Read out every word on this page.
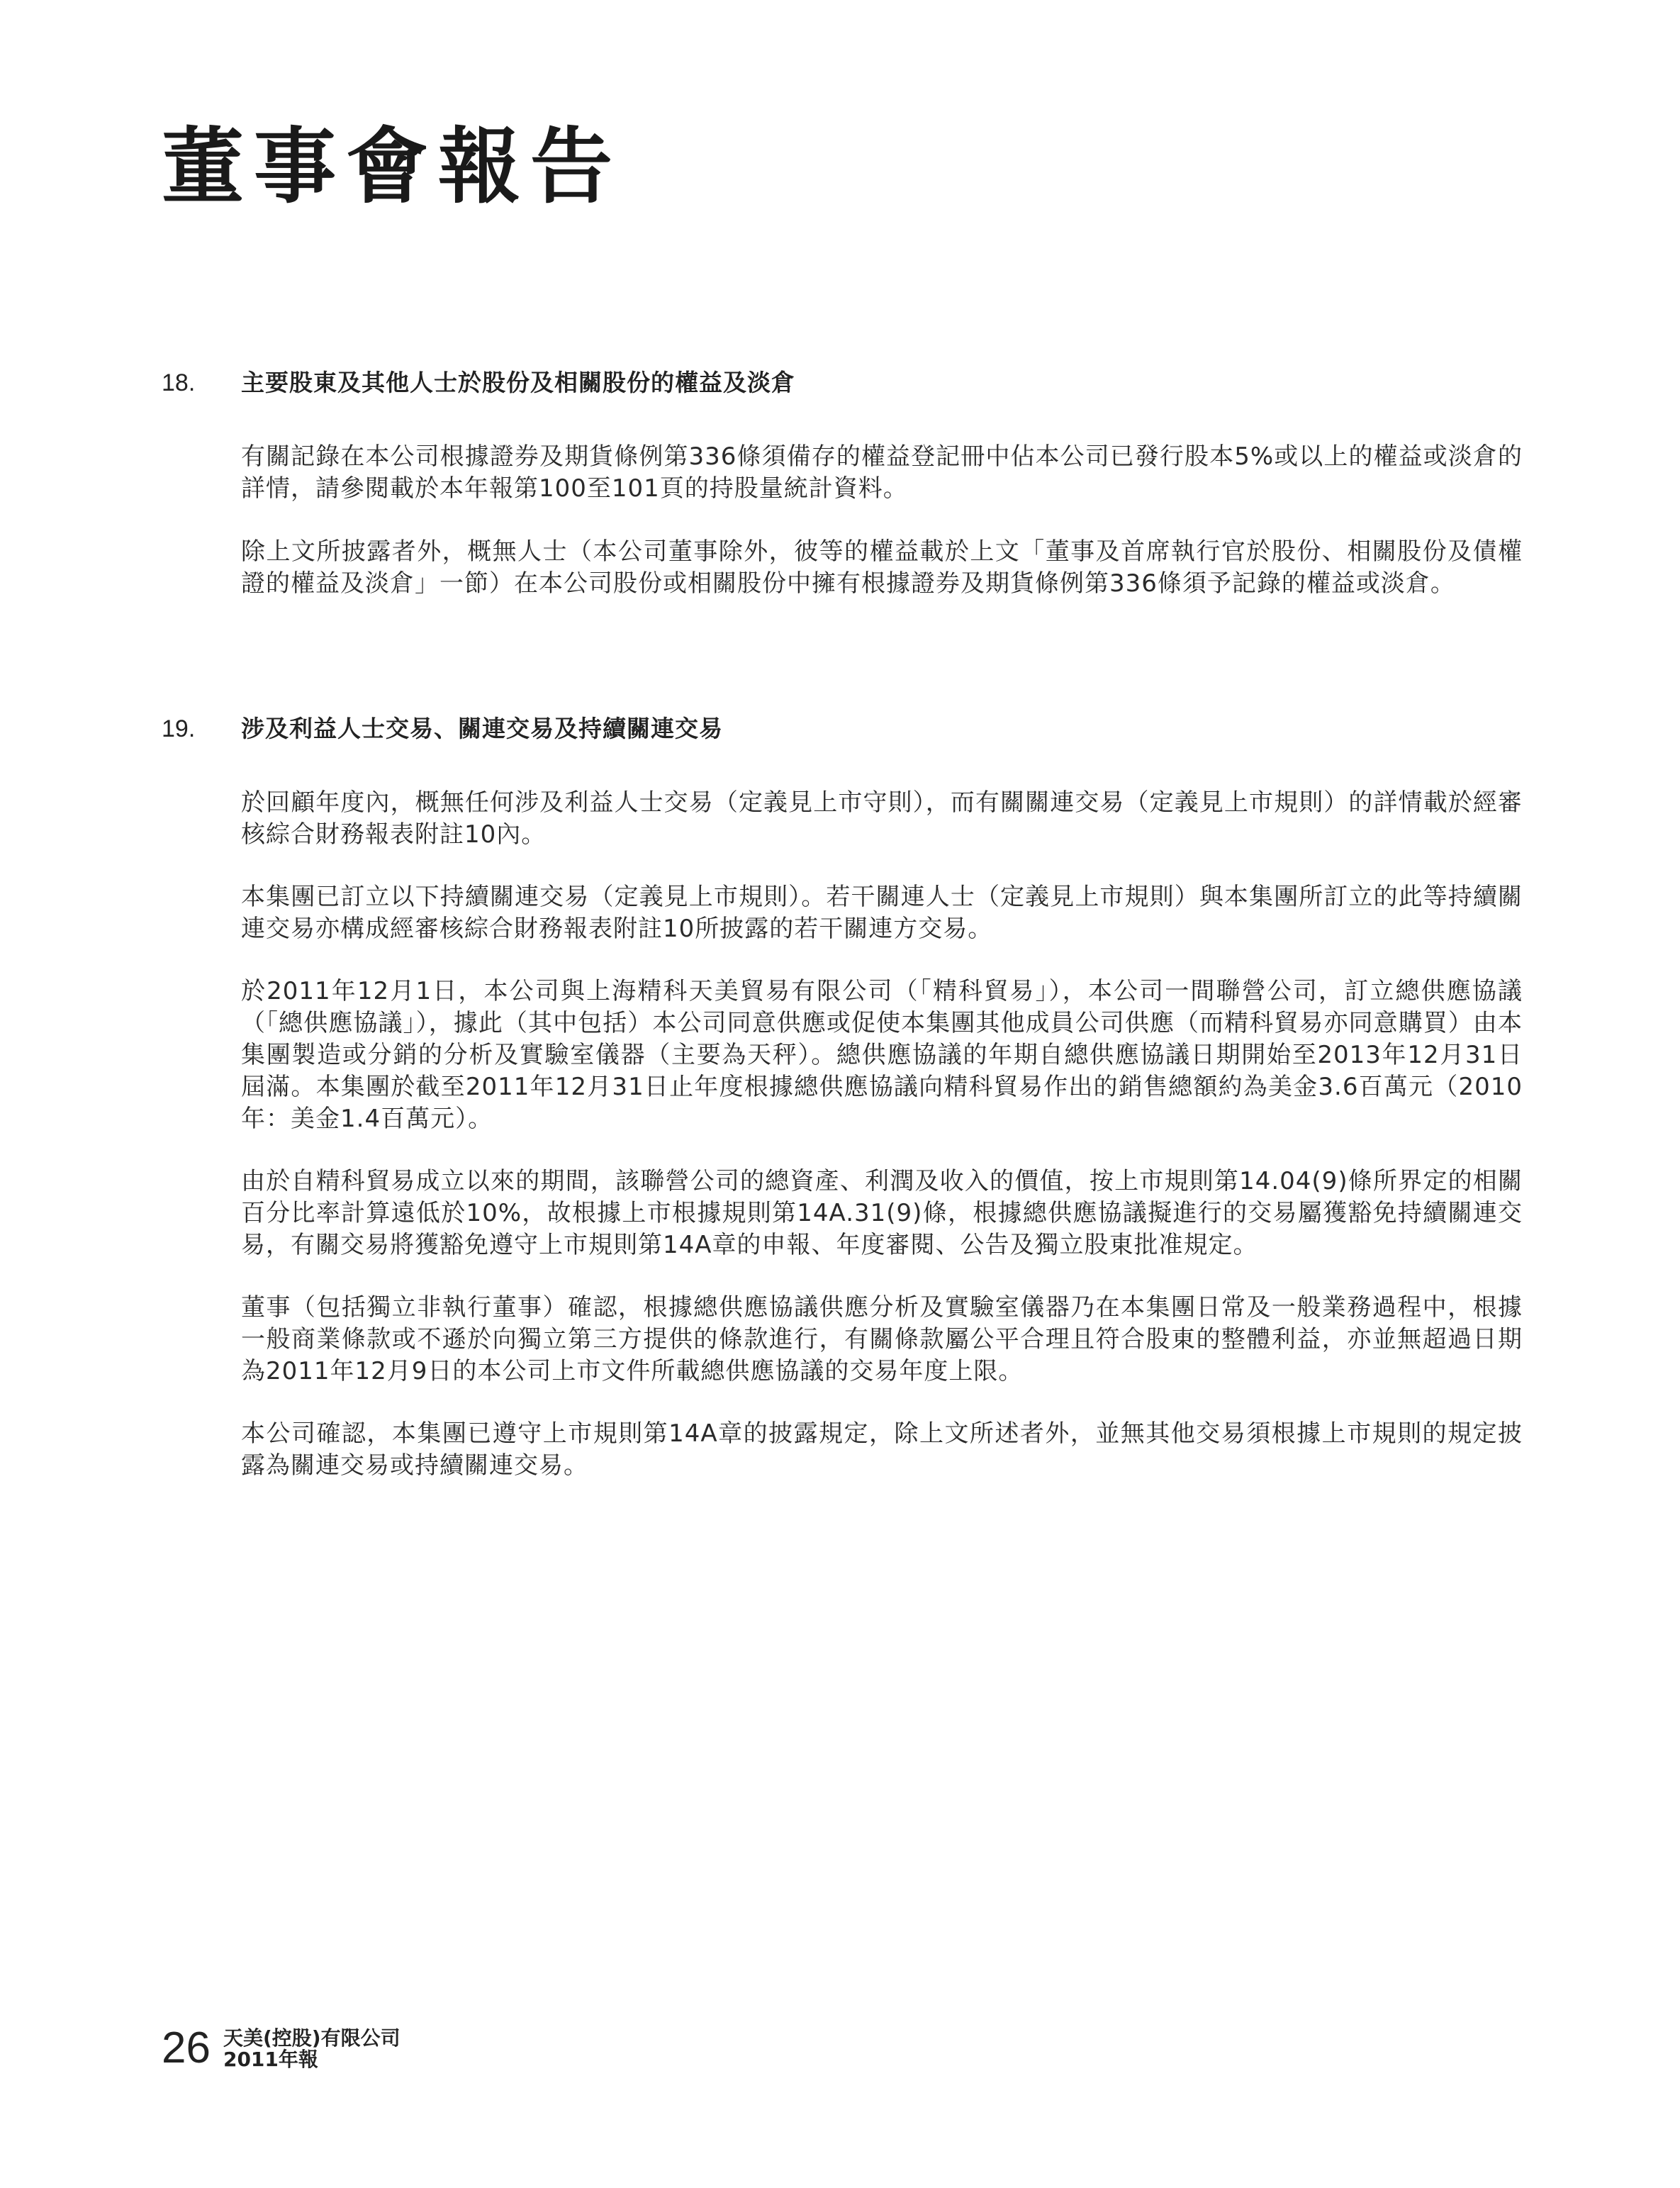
董事會報告
18.	主要股東及其他人士於股份及相關股份的權益及淡倉

有關記錄在本公司根據證券及期貨條例第336條須備存的權益登記冊中佔本公司已發行股本5%或以上的權益或淡倉的詳情，請參閱載於本年報第100至101頁的持股量統計資料。

除上文所披露者外，概無人士（本公司董事除外，彼等的權益載於上文「董事及首席執行官於股份、相關股份及債權證的權益及淡倉」一節）在本公司股份或相關股份中擁有根據證券及期貨條例第336條須予記錄的權益或淡倉。

19.	涉及利益人士交易、關連交易及持續關連交易

於回顧年度內，概無任何涉及利益人士交易（定義見上市守則），而有關關連交易（定義見上市規則）的詳情載於經審核綜合財務報表附註10內。

本集團已訂立以下持續關連交易（定義見上市規則）。若干關連人士（定義見上市規則）與本集團所訂立的此等持續關連交易亦構成經審核綜合財務報表附註10所披露的若干關連方交易。

於2011年12月1日，本公司與上海精科天美貿易有限公司（「精科貿易」），本公司一間聯營公司，訂立總供應協議（「總供應協議」），據此（其中包括）本公司同意供應或促使本集團其他成員公司供應（而精科貿易亦同意購買）由本集團製造或分銷的分析及實驗室儀器（主要為天秤）。總供應協議的年期自總供應協議日期開始至2013年12月31日屆滿。本集團於截至2011年12月31日止年度根據總供應協議向精科貿易作出的銷售總額約為美金3.6百萬元（2010年：美金1.4百萬元）。

由於自精科貿易成立以來的期間，該聯營公司的總資產、利潤及收入的價值，按上市規則第14.04(9)條所界定的相關百分比率計算遠低於10%，故根據上市根據規則第14A.31(9)條，根據總供應協議擬進行的交易屬獲豁免持續關連交易，有關交易將獲豁免遵守上市規則第14A章的申報、年度審閱、公告及獨立股東批准規定。

董事（包括獨立非執行董事）確認，根據總供應協議供應分析及實驗室儀器乃在本集團日常及一般業務過程中，根據一般商業條款或不遜於向獨立第三方提供的條款進行，有關條款屬公平合理且符合股東的整體利益，亦並無超過日期為2011年12月9日的本公司上市文件所載總供應協議的交易年度上限。

本公司確認，本集團已遵守上市規則第14A章的披露規定，除上文所述者外，並無其他交易須根據上市規則的規定披露為關連交易或持續關連交易。

26 天美(控股)有限公司
2011年報
